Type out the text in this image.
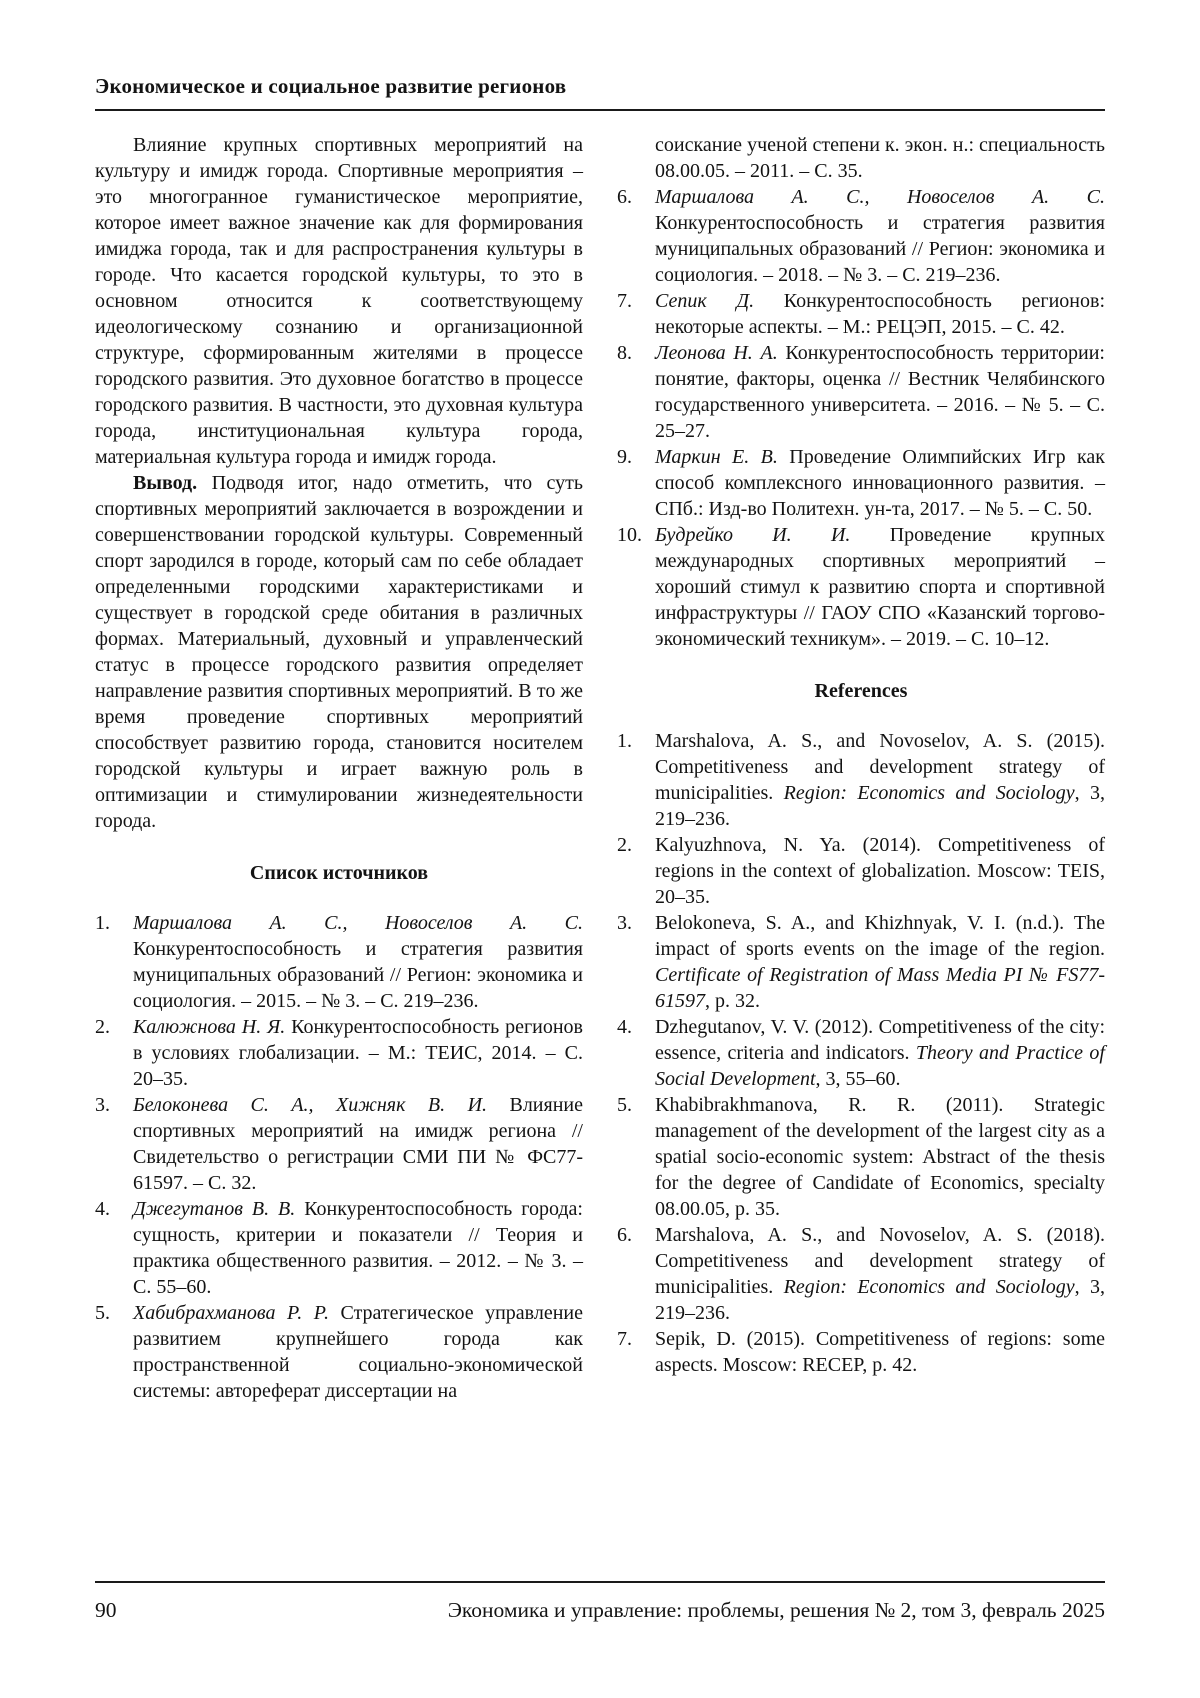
Экономическое и социальное развитие регионов

Влияние крупных спортивных мероприятий на культуру и имидж города. Спортивные мероприятия – это многогранное гуманистическое мероприятие, которое имеет важное значение как для формирования имиджа города, так и для распространения культуры в городе. Что касается городской культуры, то это в основном относится к соответствующему идеологическому сознанию и организационной структуре, сформированным жителями в процессе городского развития. Это духовное богатство в процессе городского развития. В частности, это духовная культура города, институциональная культура города, материальная культура города и имидж города.

Вывод. Подводя итог, надо отметить, что суть спортивных мероприятий заключается в возрождении и совершенствовании городской культуры. Современный спорт зародился в городе, который сам по себе обладает определенными городскими характеристиками и существует в городской среде обитания в различных формах. Материальный, духовный и управленческий статус в процессе городского развития определяет направление развития спортивных мероприятий. В то же время проведение спортивных мероприятий способствует развитию города, становится носителем городской культуры и играет важную роль в оптимизации и стимулировании жизнедеятельности города.

Список источников
1.	Маршалова А. С., Новоселов А. С. Конкурентоспособность и стратегия развития муниципальных образований // Регион: экономика и социология. – 2015. – № 3. – С. 219–236.
2.	Калюжнова Н. Я. Конкурентоспособность регионов в условиях глобализации. – М.: ТЕИС, 2014. – С. 20–35.
3.	Белоконева С. А., Хижняк В. И. Влияние спортивных мероприятий на имидж региона // Свидетельство о регистрации СМИ ПИ № ФС77-61597. – С. 32.
4.	Джегутанов В. В. Конкурентоспособность города: сущность, критерии и показатели // Теория и практика общественного развития. – 2012. – № 3. – С. 55–60.
5.	Хабибрахманова Р. Р. Стратегическое управление развитием крупнейшего города как пространственной социально-экономической системы: автореферат диссертации на

соискание ученой степени к. экон. н.: специальность 08.00.05. – 2011. – С. 35.

6.	Маршалова А. С., Новоселов А. С. Конкурентоспособность и стратегия развития муниципальных образований // Регион: экономика и социология. – 2018. – № 3. – С. 219–236.
7.	Сепик Д. Конкурентоспособность регионов: некоторые аспекты. – М.: РЕЦЭП, 2015. – С. 42.
8.	Леонова Н. А. Конкурентоспособность территории: понятие, факторы, оценка // Вестник Челябинского государственного университета. – 2016. – № 5. – С. 25–27.
9.	Маркин Е. В. Проведение Олимпийских Игр как способ комплексного инновационного развития. – СПб.: Изд-во Политехн. ун-та, 2017. – № 5. – С. 50.
10. Будрейко И. И. Проведение крупных международных спортивных мероприятий – хороший стимул к развитию спорта и спортивной инфраструктуры // ГАОУ СПО «Казанский торгово-экономический техникум». – 2019. – С. 10–12.
References
1.	Marshalova, A. S., and Novoselov, A. S. (2015). Competitiveness and development strategy of municipalities. Region: Economics and Sociology, 3, 219–236.
2.	Kalyuzhnova, N. Ya. (2014). Competitiveness of regions in the context of globalization. Moscow: TEIS, 20–35.
3.	Belokoneva, S. A., and Khizhnyak, V. I. (n.d.). The impact of sports events on the image of the region. Certificate of Registration of Mass Media PI № FS77-61597, p. 32.
4.	Dzhegutanov, V. V. (2012). Competitiveness of the city: essence, criteria and indicators. Theory and Practice of Social Development, 3, 55–60.
5.	Khabibrakhmanova, R. R. (2011). Strategic management of the development of the largest city as a spatial socio-economic system: Abstract of the thesis for the degree of Candidate of Economics, specialty 08.00.05, p. 35.
6.	Marshalova, A. S., and Novoselov, A. S. (2018). Competitiveness and development strategy of municipalities. Region: Economics and Sociology, 3, 219–236.
7.	Sepik, D. (2015). Competitiveness of regions: some aspects. Moscow: RECEP, p. 42.
90	Экономика и управление: проблемы, решения № 2, том 3, февраль 2025
